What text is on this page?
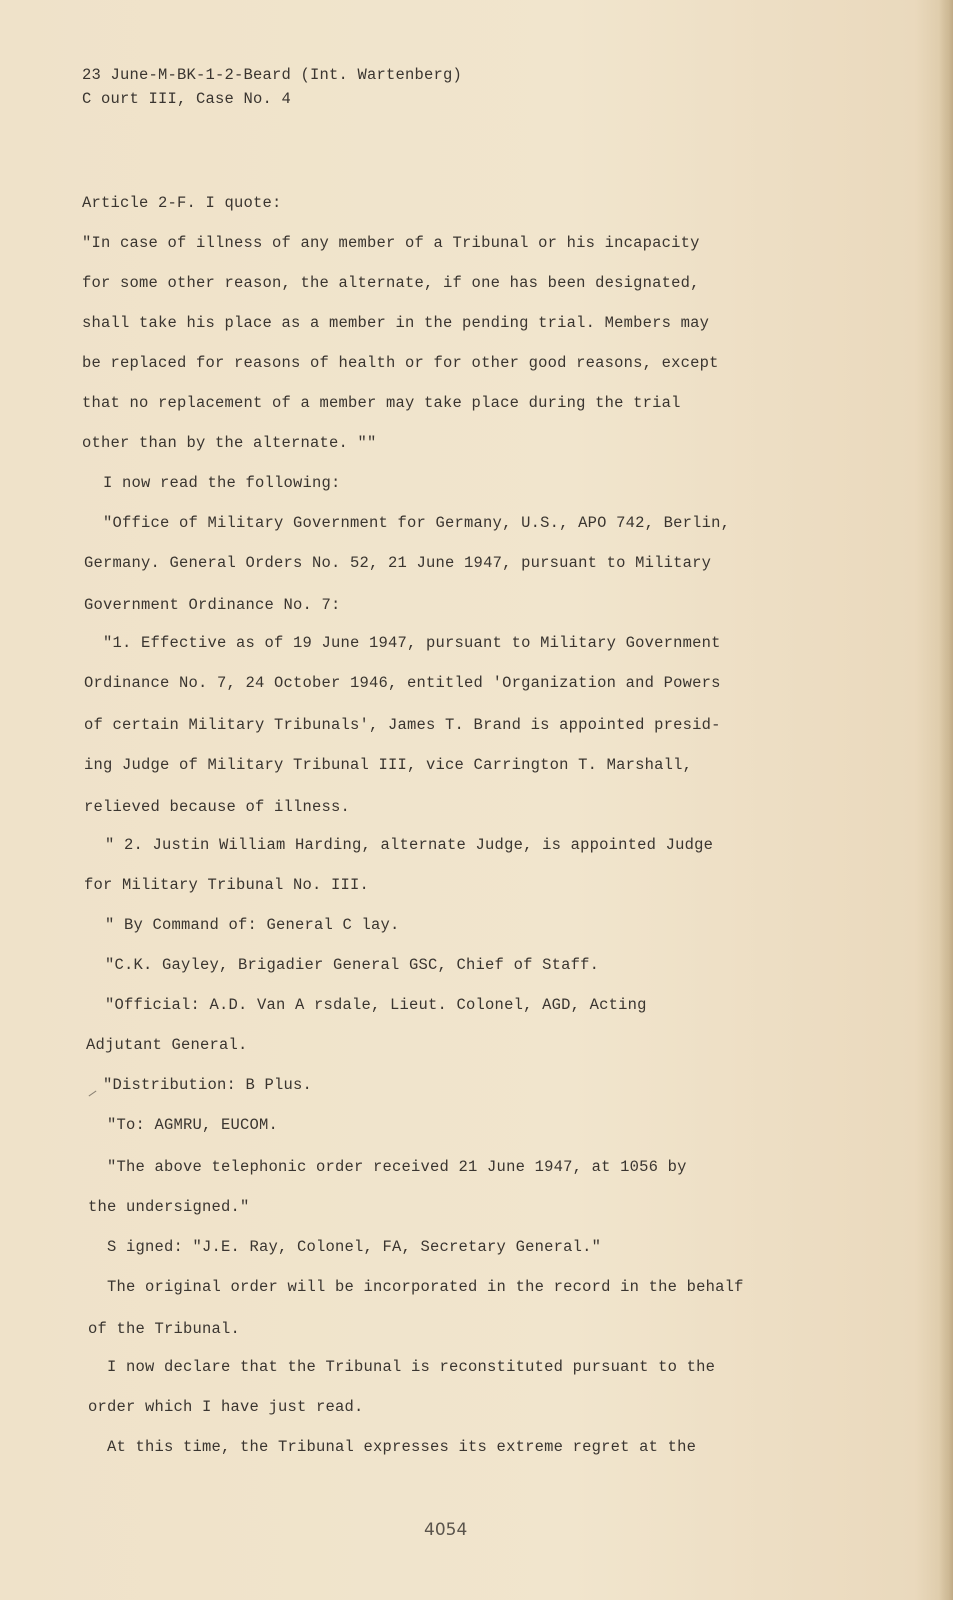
23 June-M-BK-1-2-Beard (Int. Wartenberg)
C ourt III, Case No. 4
Article 2-F. I quote:
"In case of illness of any member of a Tribunal or his incapacity
for some other reason, the alternate, if one has been designated,
shall take his place as a member in the pending trial. Members may
be replaced for reasons of health or for other good reasons, except
that no replacement of a member may take place during the trial
other than by the alternate. ""
I now read the following:
"Office of Military Government for Germany, U.S., APO 742, Berlin,
Germany. General Orders No. 52, 21 June 1947, pursuant to Military
Government Ordinance No. 7:
"1. Effective as of 19 June 1947, pursuant to Military Government
Ordinance No. 7, 24 October 1946, entitled 'Organization and Powers
of certain Military Tribunals', James T. Brand is appointed presid-
ing Judge of Military Tribunal III, vice Carrington T. Marshall,
relieved because of illness.
" 2. Justin William Harding, alternate Judge, is appointed Judge
for Military Tribunal No. III.
" By Command of: General C lay.
"C.K. Gayley, Brigadier General GSC, Chief of Staff.
"Official: A.D. Van A rsdale, Lieut. Colonel, AGD, Acting
Adjutant General.
"Distribution: B Plus.
"To: AGMRU, EUCOM.
"The above telephonic order received 21 June 1947, at 1056 by
the undersigned."
S igned: "J.E. Ray, Colonel, FA, Secretary General."
The original order will be incorporated in the record in the behalf
of the Tribunal.
I now declare that the Tribunal is reconstituted pursuant to the
order which I have just read.
At this time, the Tribunal expresses its extreme regret at the
4054
